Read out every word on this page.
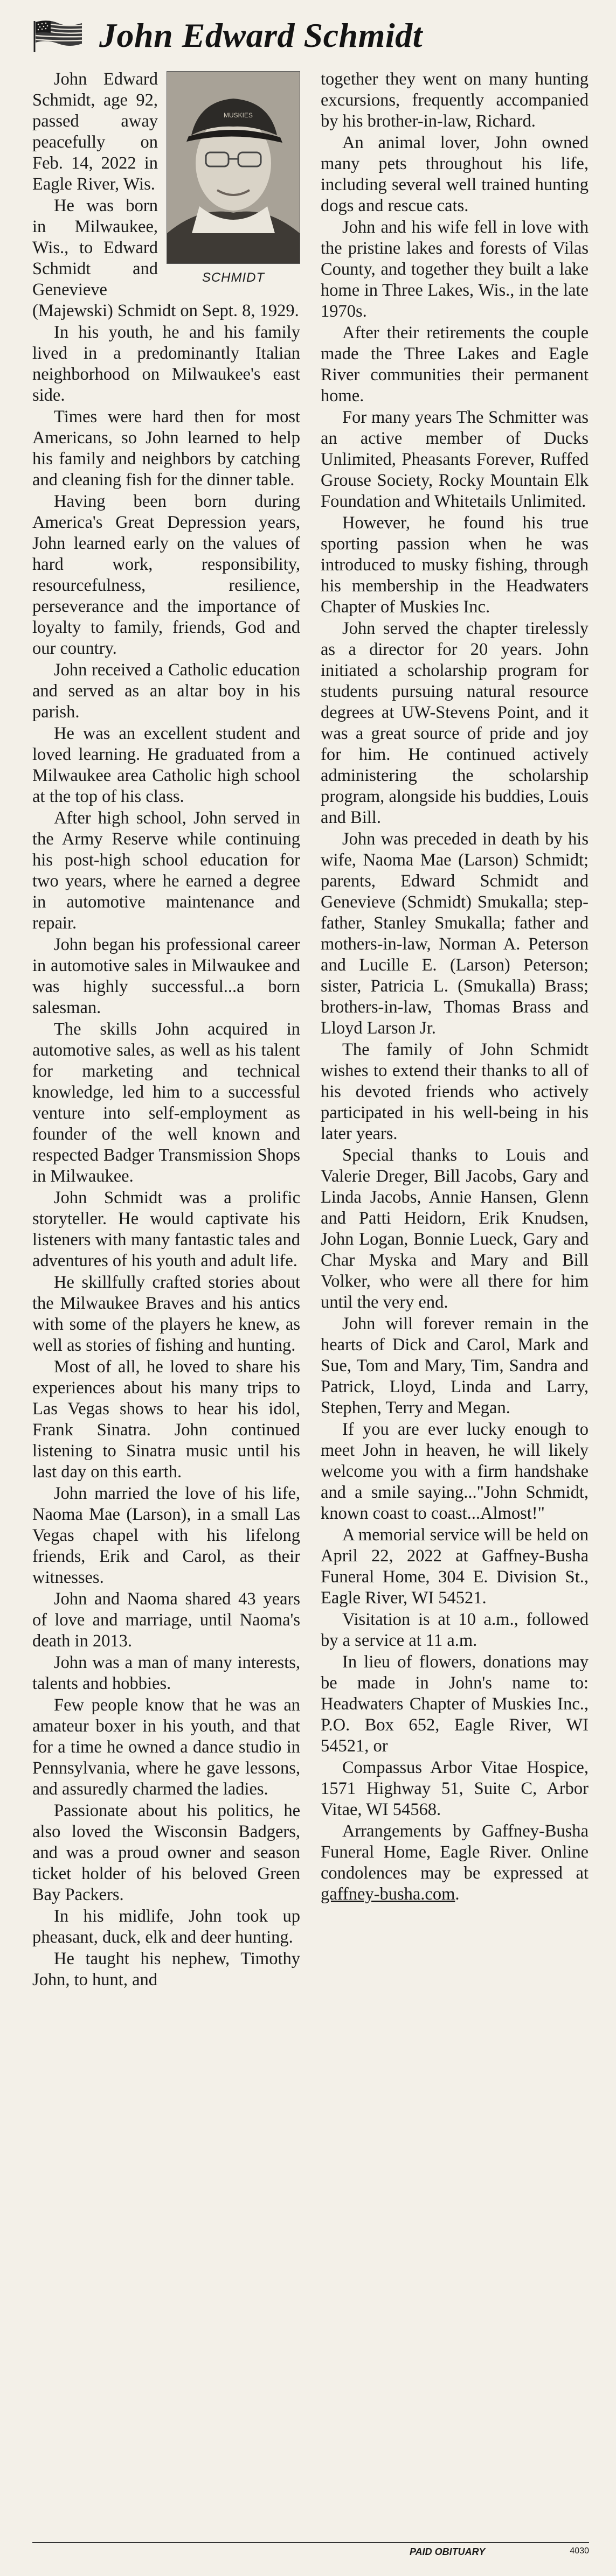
John Edward Schmidt
MUSKIES
SCHMIDT

John Edward Schmidt, age 92, passed away peacefully on Feb. 14, 2022 in Eagle River, Wis.

He was born in Milwaukee, Wis., to Edward Schmidt and Genevieve (Majewski) Schmidt on Sept. 8, 1929.

In his youth, he and his family lived in a predominantly Italian neighborhood on Milwaukee's east side.

Times were hard then for most Americans, so John learned to help his family and neighbors by catching and cleaning fish for the dinner table.

Having been born during America's Great Depression years, John learned early on the values of hard work, responsibility, resourcefulness, resilience, perseverance and the importance of loyalty to family, friends, God and our country.

John received a Catholic education and served as an altar boy in his parish.

He was an excellent student and loved learning. He graduated from a Milwaukee area Catholic high school at the top of his class.

After high school, John served in the Army Reserve while continuing his post-high school education for two years, where he earned a degree in automotive maintenance and repair.

John began his professional career in automotive sales in Milwaukee and was highly successful...a born salesman.

The skills John acquired in automotive sales, as well as his talent for marketing and technical knowledge, led him to a successful venture into self-employment as founder of the well known and respected Badger Transmission Shops in Milwaukee.

John Schmidt was a prolific storyteller. He would captivate his listeners with many fantastic tales and adventures of his youth and adult life.

He skillfully crafted stories about the Milwaukee Braves and his antics with some of the players he knew, as well as stories of fishing and hunting.

Most of all, he loved to share his experiences about his many trips to Las Vegas shows to hear his idol, Frank Sinatra. John continued listening to Sinatra music until his last day on this earth.

John married the love of his life, Naoma Mae (Larson), in a small Las Vegas chapel with his lifelong friends, Erik and Carol, as their witnesses.

John and Naoma shared 43 years of love and marriage, until Naoma's death in 2013.

John was a man of many interests, talents and hobbies.

Few people know that he was an amateur boxer in his youth, and that for a time he owned a dance studio in Pennsylvania, where he gave lessons, and assuredly charmed the ladies.

Passionate about his politics, he also loved the Wisconsin Badgers, and was a proud owner and season ticket holder of his beloved Green Bay Packers.

In his midlife, John took up pheasant, duck, elk and deer hunting.

He taught his nephew, Timothy John, to hunt, and

together they went on many hunting excursions, frequently accompanied by his brother-in-law, Richard.

An animal lover, John owned many pets throughout his life, including several well trained hunting dogs and rescue cats.

John and his wife fell in love with the pristine lakes and forests of Vilas County, and together they built a lake home in Three Lakes, Wis., in the late 1970s.

After their retirements the couple made the Three Lakes and Eagle River communities their permanent home.

For many years The Schmitter was an active member of Ducks Unlimited, Pheasants Forever, Ruffed Grouse Society, Rocky Mountain Elk Foundation and Whitetails Unlimited.

However, he found his true sporting passion when he was introduced to musky fishing, through his membership in the Headwaters Chapter of Muskies Inc.

John served the chapter tirelessly as a director for 20 years. John initiated a scholarship program for students pursuing natural resource degrees at UW-Stevens Point, and it was a great source of pride and joy for him. He continued actively administering the scholarship program, alongside his buddies, Louis and Bill.

John was preceded in death by his wife, Naoma Mae (Larson) Schmidt; parents, Edward Schmidt and Genevieve (Schmidt) Smukalla; step-father, Stanley Smukalla; father and mothers-in-law, Norman A. Peterson and Lucille E. (Larson) Peterson; sister, Patricia L. (Smukalla) Brass; brothers-in-law, Thomas Brass and Lloyd Larson Jr.

The family of John Schmidt wishes to extend their thanks to all of his devoted friends who actively participated in his well-being in his later years.

Special thanks to Louis and Valerie Dreger, Bill Jacobs, Gary and Linda Jacobs, Annie Hansen, Glenn and Patti Heidorn, Erik Knudsen, John Logan, Bonnie Lueck, Gary and Char Myska and Mary and Bill Volker, who were all there for him until the very end.

John will forever remain in the hearts of Dick and Carol, Mark and Sue, Tom and Mary, Tim, Sandra and Patrick, Lloyd, Linda and Larry, Stephen, Terry and Megan.

If you are ever lucky enough to meet John in heaven, he will likely welcome you with a firm handshake and a smile saying..."John Schmidt, known coast to coast...Almost!"

A memorial service will be held on April 22, 2022 at Gaffney-Busha Funeral Home, 304 E. Division St., Eagle River, WI 54521.

Visitation is at 10 a.m., followed by a service at 11 a.m.

In lieu of flowers, donations may be made in John's name to: Headwaters Chapter of Muskies Inc., P.O. Box 652, Eagle River, WI 54521, or

Compassus Arbor Vitae Hospice, 1571 Highway 51, Suite C, Arbor Vitae, WI 54568.

Arrangements by Gaffney-Busha Funeral Home, Eagle River. Online condolences may be expressed at gaffney-busha.com.

PAID OBITUARY	4030
